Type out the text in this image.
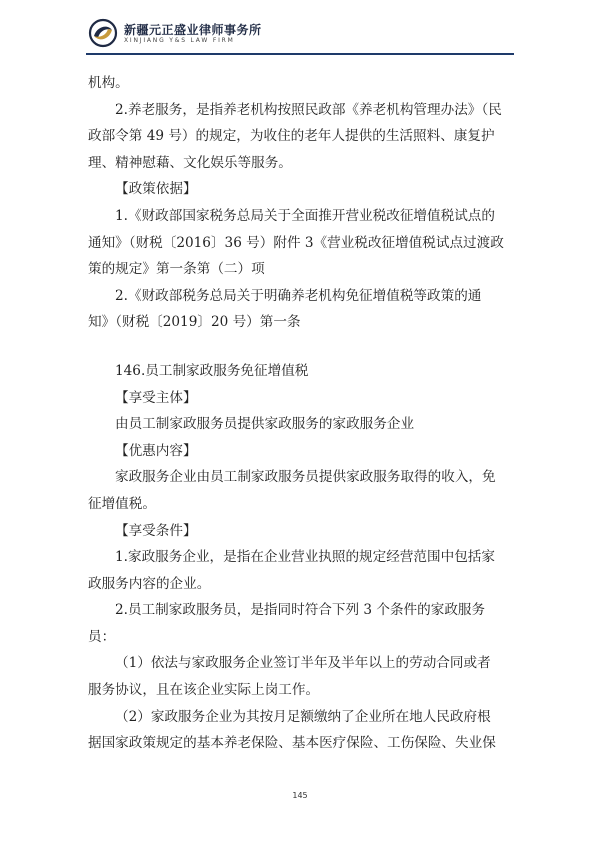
新疆元正盛业律师事务所
XINJIANG Y&S LAW FIRM

机构。

2.养老服务，是指养老机构按照民政部《养老机构管理办法》（民

政部令第 49 号）的规定，为收住的老年人提供的生活照料、康复护

理、精神慰藉、文化娱乐等服务。

【政策依据】

1.《财政部国家税务总局关于全面推开营业税改征增值税试点的

通知》（财税〔2016〕36 号）附件 3《营业税改征增值税试点过渡政

策的规定》第一条第（二）项

2.《财政部税务总局关于明确养老机构免征增值税等政策的通

知》（财税〔2019〕20 号）第一条

146.员工制家政服务免征增值税

【享受主体】

由员工制家政服务员提供家政服务的家政服务企业

【优惠内容】

家政服务企业由员工制家政服务员提供家政服务取得的收入，免

征增值税。

【享受条件】

1.家政服务企业，是指在企业营业执照的规定经营范围中包括家

政服务内容的企业。

2.员工制家政服务员，是指同时符合下列 3 个条件的家政服务

员：

（1）依法与家政服务企业签订半年及半年以上的劳动合同或者

服务协议，且在该企业实际上岗工作。

（2）家政服务企业为其按月足额缴纳了企业所在地人民政府根

据国家政策规定的基本养老保险、基本医疗保险、工伤保险、失业保

145
